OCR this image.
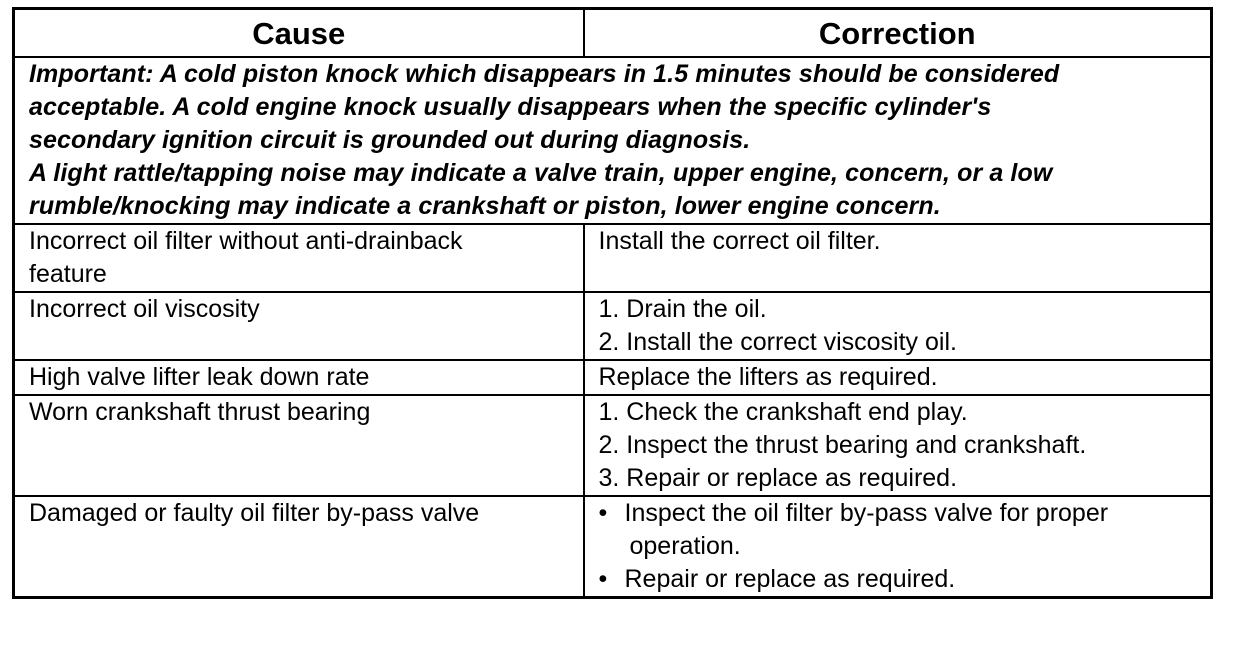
Cause	Correction

Important: A cold piston knock which disappears in 1.5 minutes should be considered
acceptable. A cold engine knock usually disappears when the specific cylinder's
secondary ignition circuit is grounded out during diagnosis.
A light rattle/tapping noise may indicate a valve train, upper engine, concern, or a low
rumble/knocking may indicate a crankshaft or piston, lower engine concern.	

Incorrect oil filter without anti-drainback
feature	Install the correct oil filter.

Incorrect oil viscosity	1. Drain the oil.
2. Install the correct viscosity oil.

High valve lifter leak down rate	Replace the lifters as required.

Worn crankshaft thrust bearing	1. Check the crankshaft end play.
2. Inspect the thrust bearing and crankshaft.
3. Repair or replace as required.

Damaged or faulty oil filter by-pass valve	• Inspect the oil filter by-pass valve for proper
operation.
• Repair or replace as required.
